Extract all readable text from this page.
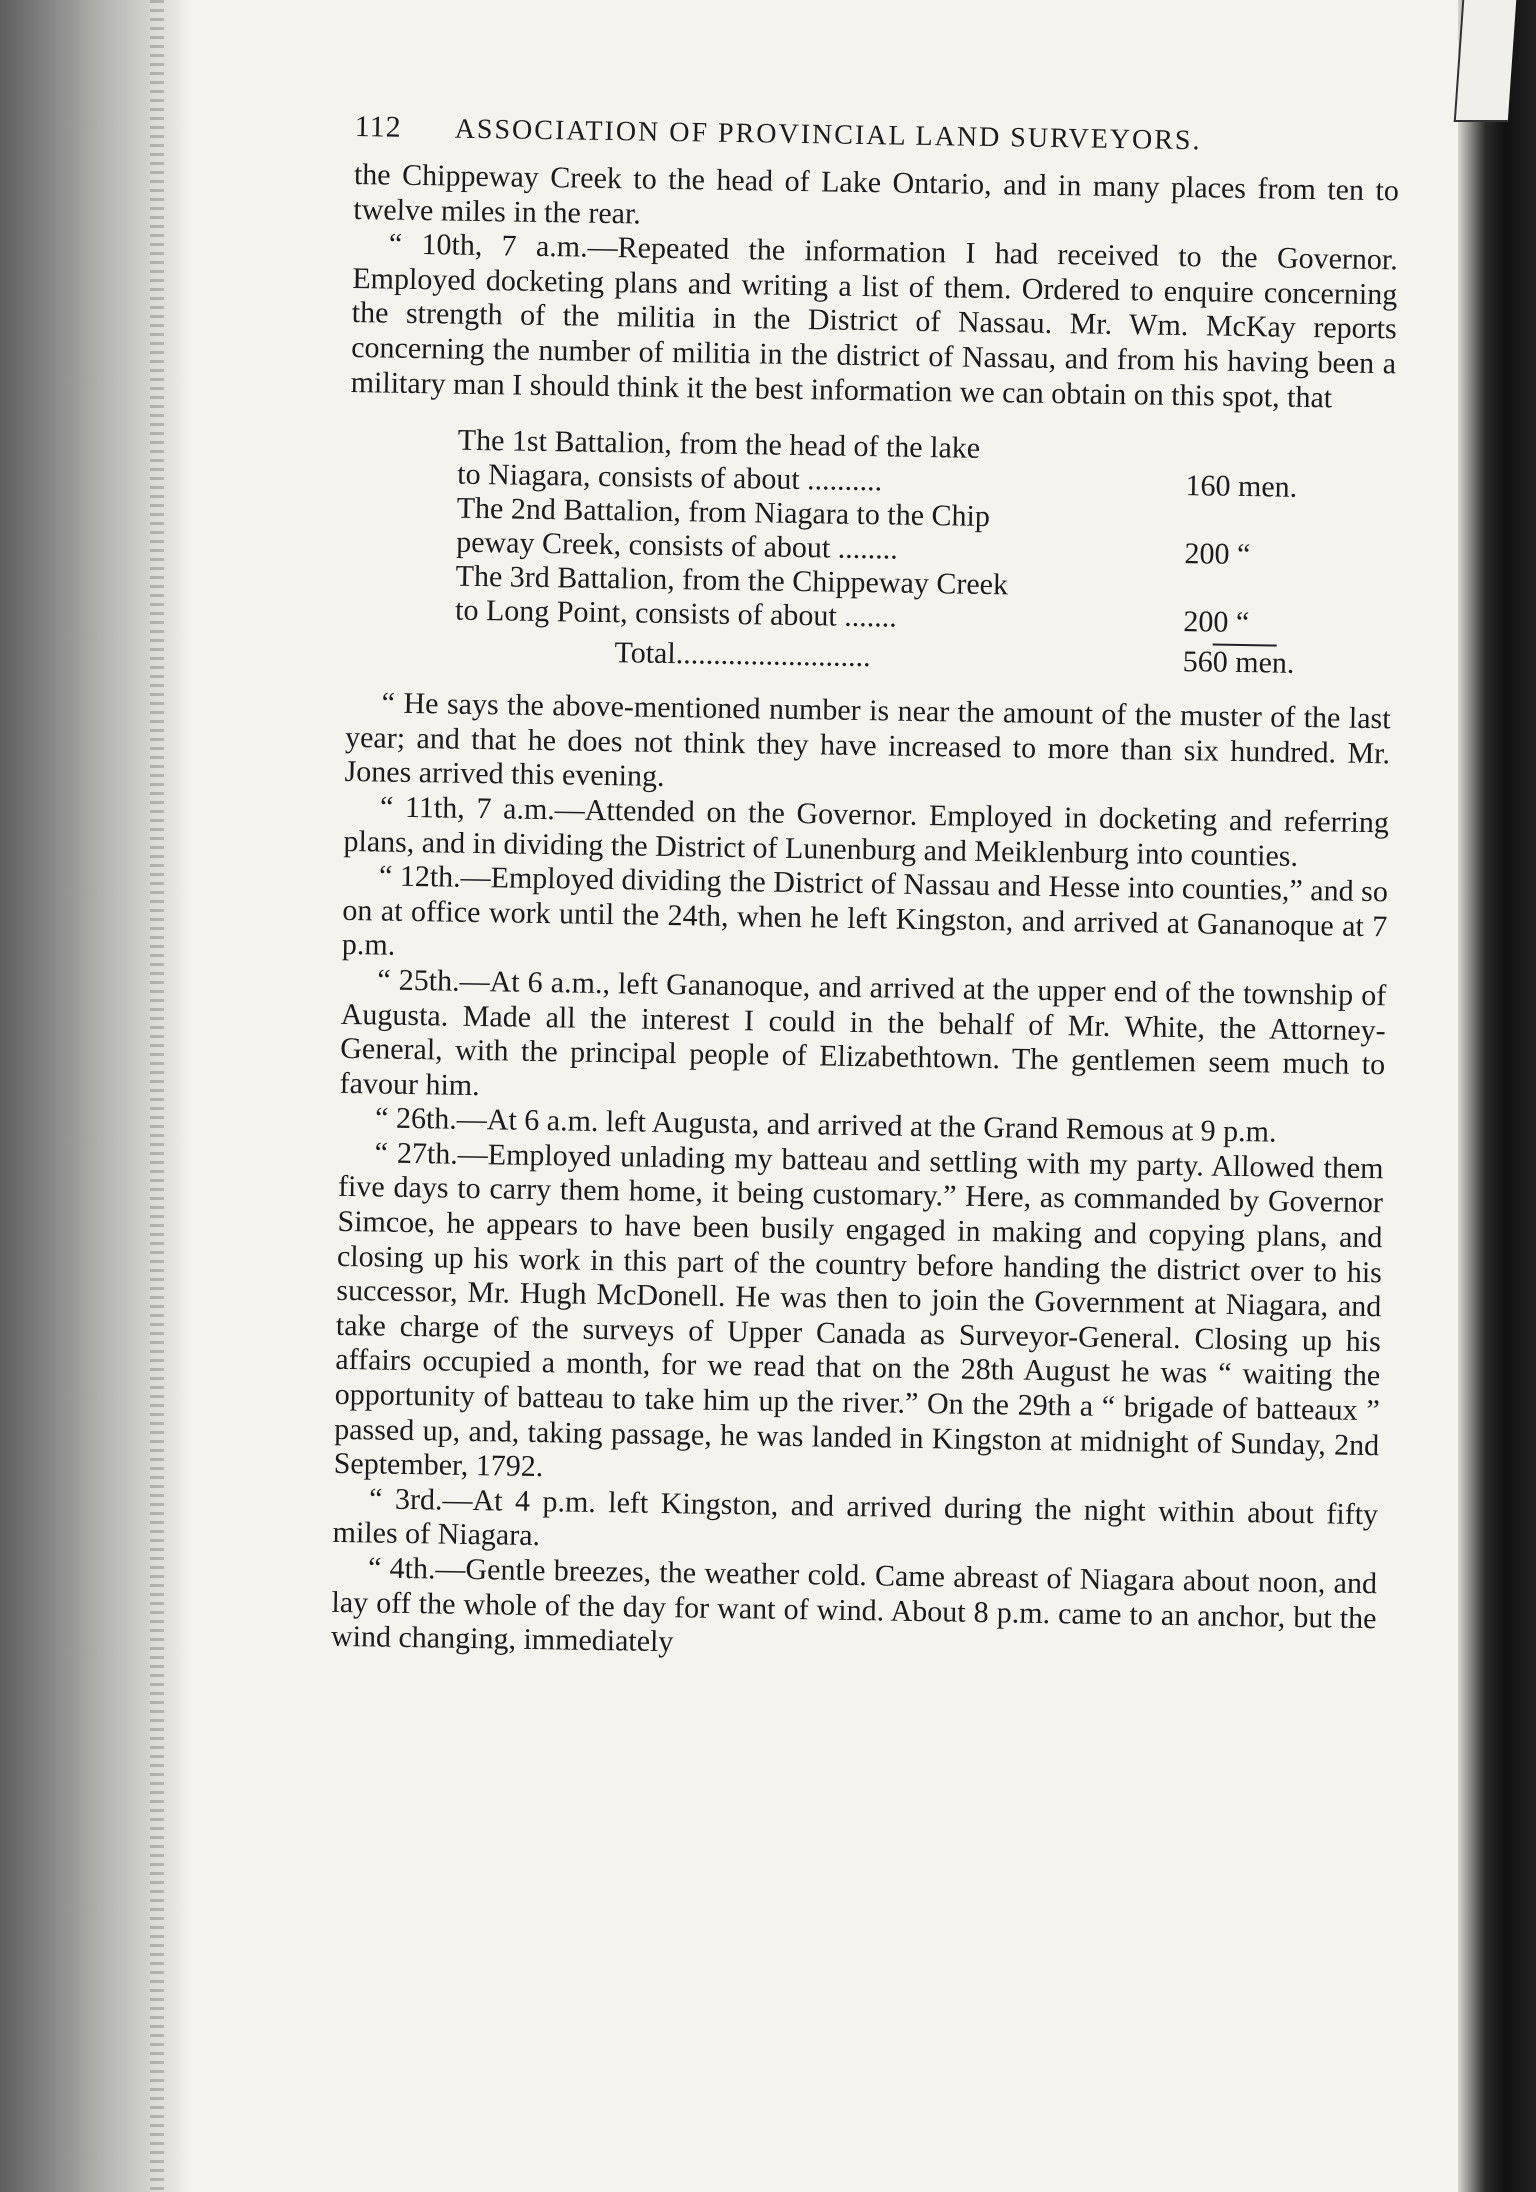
112	ASSOCIATION OF PROVINCIAL LAND SURVEYORS.

the Chippeway Creek to the head of Lake Ontario, and in many places from ten to twelve miles in the rear.

“ 10th, 7 a.m.—Repeated the information I had received to the Governor. Employed docketing plans and writing a list of them. Ordered to enquire concerning the strength of the militia in the District of Nassau. Mr. Wm. McKay reports concerning the number of militia in the district of Nassau, and from his having been a military man I should think it the best information we can obtain on this spot, that

The 1st Battalion, from the head of the lake	
to Niagara, consists of about ..........	160 men.
The 2nd Battalion, from Niagara to the Chip	
peway Creek, consists of about ........	200 “
The 3rd Battalion, from the Chippeway Creek	
to Long Point, consists of about .......	200 “

Total..........................	560 men.

“ He says the above-mentioned number is near the amount of the muster of the last year; and that he does not think they have increased to more than six hundred. Mr. Jones arrived this evening.

“ 11th, 7 a.m.—Attended on the Governor. Employed in docketing and referring plans, and in dividing the District of Lunenburg and Meiklenburg into counties.

“ 12th.—Employed dividing the District of Nassau and Hesse into counties,” and so on at office work until the 24th, when he left Kingston, and arrived at Gananoque at 7 p.m.

“ 25th.—At 6 a.m., left Gananoque, and arrived at the upper end of the township of Augusta. Made all the interest I could in the behalf of Mr. White, the Attorney-General, with the principal people of Elizabethtown. The gentlemen seem much to favour him.

“ 26th.—At 6 a.m. left Augusta, and arrived at the Grand Remous at 9 p.m.

“ 27th.—Employed unlading my batteau and settling with my party. Allowed them five days to carry them home, it being customary.” Here, as commanded by Governor Simcoe, he appears to have been busily engaged in making and copying plans, and closing up his work in this part of the country before handing the district over to his successor, Mr. Hugh McDonell. He was then to join the Government at Niagara, and take charge of the surveys of Upper Canada as Surveyor-General. Closing up his affairs occupied a month, for we read that on the 28th August he was “ waiting the opportunity of batteau to take him up the river.” On the 29th a “ brigade of batteaux ” passed up, and, taking passage, he was landed in Kingston at midnight of Sunday, 2nd September, 1792.

“ 3rd.—At 4 p.m. left Kingston, and arrived during the night within about fifty miles of Niagara.

“ 4th.—Gentle breezes, the weather cold. Came abreast of Niagara about noon, and lay off the whole of the day for want of wind. About 8 p.m. came to an anchor, but the wind changing, immediately
